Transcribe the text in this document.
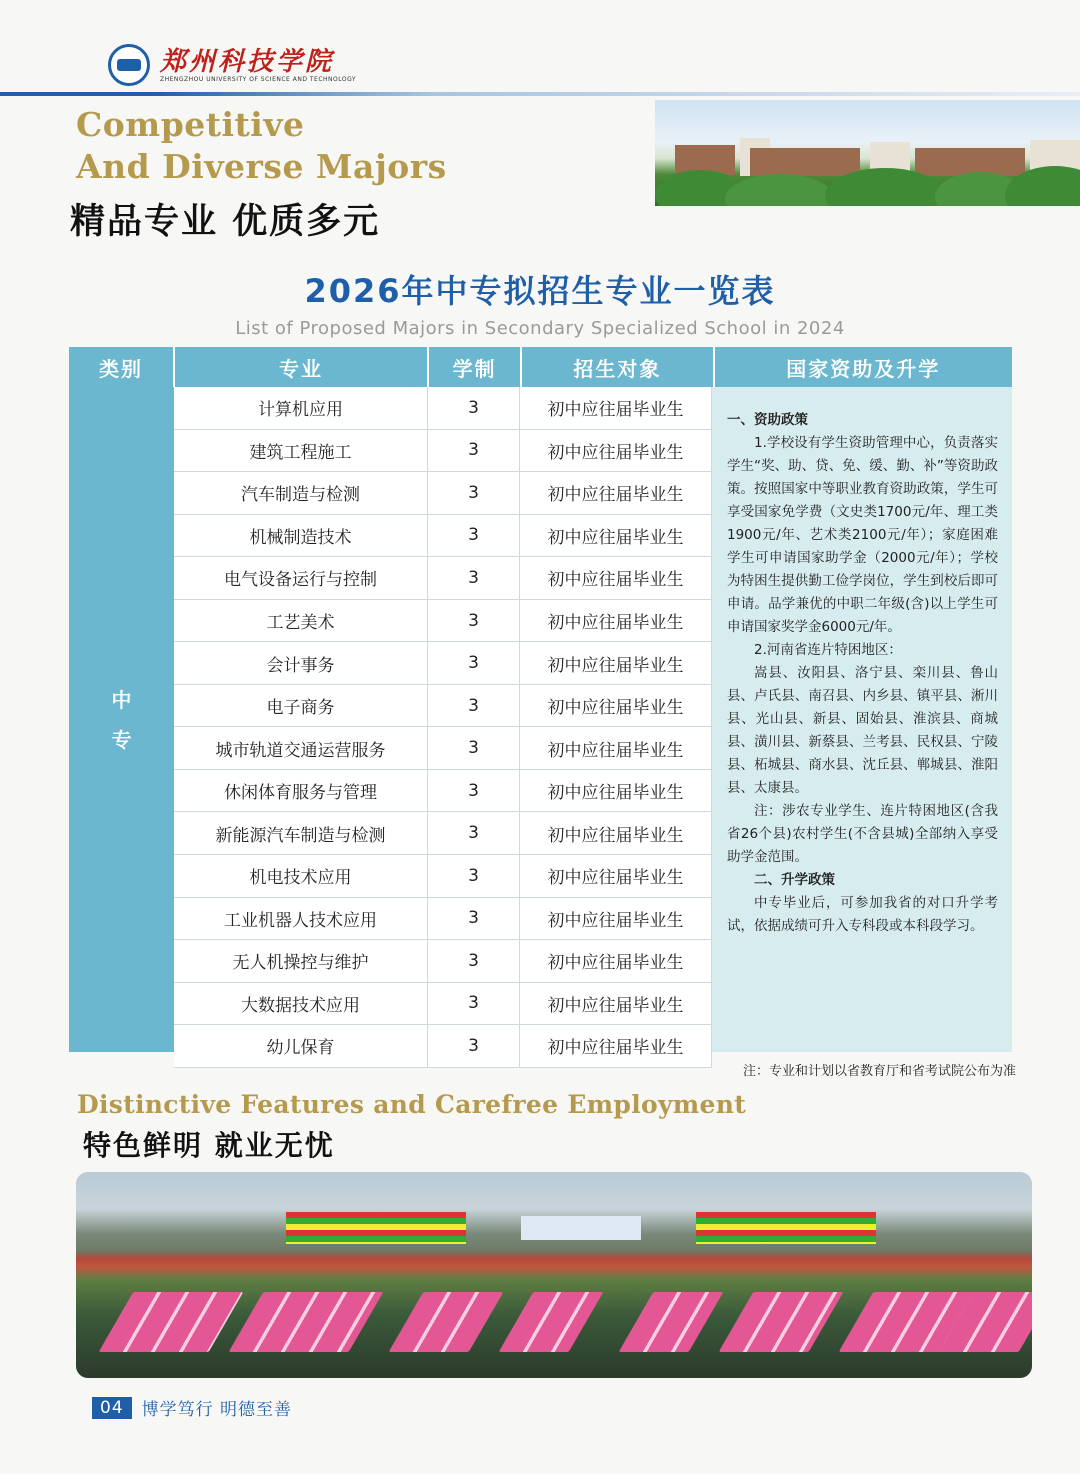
郑州科技学院
ZHENGZHOU UNIVERSITY OF SCIENCE AND TECHNOLOGY
Competitive
And Diverse Majors
精品专业 优质多元
2026年中专拟招生专业一览表
List of Proposed Majors in Secondary Specialized School in 2024
类别	专业	学制	招生对象	国家资助及升学
中
专
计算机应用	3	初中应往届毕业生
建筑工程施工	3	初中应往届毕业生
汽车制造与检测	3	初中应往届毕业生
机械制造技术	3	初中应往届毕业生
电气设备运行与控制	3	初中应往届毕业生
工艺美术	3	初中应往届毕业生
会计事务	3	初中应往届毕业生
电子商务	3	初中应往届毕业生
城市轨道交通运营服务	3	初中应往届毕业生
休闲体育服务与管理	3	初中应往届毕业生
新能源汽车制造与检测	3	初中应往届毕业生
机电技术应用	3	初中应往届毕业生
工业机器人技术应用	3	初中应往届毕业生
无人机操控与维护	3	初中应往届毕业生
大数据技术应用	3	初中应往届毕业生
幼儿保育	3	初中应往届毕业生

一、资助政策

1.学校设有学生资助管理中心，负责落实学生“奖、助、贷、免、缓、勤、补”等资助政策。按照国家中等职业教育资助政策，学生可享受国家免学费（文史类1700元/年、理工类1900元/年、艺术类2100元/年）；家庭困难学生可申请国家助学金（2000元/年）；学校为特困生提供勤工俭学岗位，学生到校后即可申请。品学兼优的中职二年级(含)以上学生可申请国家奖学金6000元/年。

2.河南省连片特困地区：

嵩县、汝阳县、洛宁县、栾川县、鲁山县、卢氏县、南召县、内乡县、镇平县、淅川县、光山县、新县、固始县、淮滨县、商城县、潢川县、新蔡县、兰考县、民权县、宁陵县、柘城县、商水县、沈丘县、郸城县、淮阳县、太康县。

注：涉农专业学生、连片特困地区(含我省26个县)农村学生(不含县城)全部纳入享受助学金范围。

二、升学政策

中专毕业后，可参加我省的对口升学考试，依据成绩可升入专科段或本科段学习。

注：专业和计划以省教育厅和省考试院公布为准
Distinctive Features and Carefree Employment
特色鲜明 就业无忧
04	博学笃行 明德至善
